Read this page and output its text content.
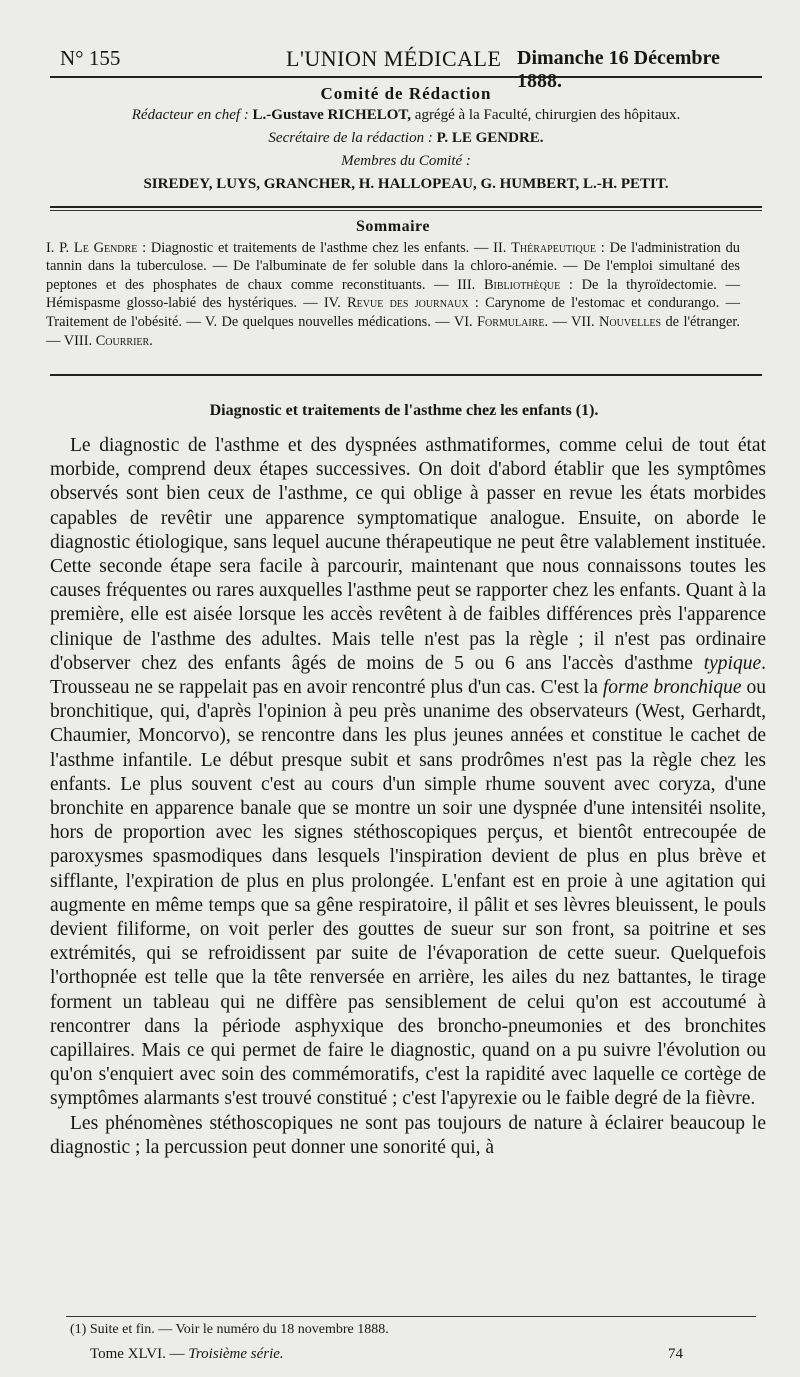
N° 155	L'UNION MÉDICALE Dimanche 16 Décembre 1888.
Comité de Rédaction
Rédacteur en chef : L.-Gustave RICHELOT, agrégé à la Faculté, chirurgien des hôpitaux.
Secrétaire de la rédaction : P. LE GENDRE.
Membres du Comité :
SIREDEY, LUYS, GRANCHER, H. HALLOPEAU, G. HUMBERT, L.-H. PETIT.
Sommaire
I. P. Le Gendre : Diagnostic et traitements de l'asthme chez les enfants. — II. Thérapeutique : De l'administration du tannin dans la tuberculose. — De l'albuminate de fer soluble dans la chloro-anémie. — De l'emploi simultané des peptones et des phosphates de chaux comme reconstituants. — III. Bibliothèque : De la thyroïdectomie. — Hémispasme glosso-labié des hystériques. — IV. Revue des journaux : Carynome de l'estomac et condurango. — Traitement de l'obésité. — V. De quelques nouvelles médications. — VI. Formulaire. — VII. Nouvelles de l'étranger. — VIII. Courrier.
Diagnostic et traitements de l'asthme chez les enfants (1).

Le diagnostic de l'asthme et des dyspnées asthmatiformes, comme celui de tout état morbide, comprend deux étapes successives. On doit d'abord établir que les symptômes observés sont bien ceux de l'asthme, ce qui oblige à passer en revue les états morbides capables de revêtir une apparence symptomatique analogue. Ensuite, on aborde le diagnostic étiologique, sans lequel aucune thérapeutique ne peut être valablement instituée. Cette seconde étape sera facile à parcourir, maintenant que nous connaissons toutes les causes fréquentes ou rares auxquelles l'asthme peut se rapporter chez les enfants. Quant à la première, elle est aisée lorsque les accès revêtent à de faibles différences près l'apparence clinique de l'asthme des adultes. Mais telle n'est pas la règle ; il n'est pas ordinaire d'observer chez des enfants âgés de moins de 5 ou 6 ans l'accès d'asthme typique. Trousseau ne se rappelait pas en avoir rencontré plus d'un cas. C'est la forme bronchique ou bronchitique, qui, d'après l'opinion à peu près unanime des observateurs (West, Gerhardt, Chaumier, Moncorvo), se rencontre dans les plus jeunes années et constitue le cachet de l'asthme infantile. Le début presque subit et sans prodrômes n'est pas la règle chez les enfants. Le plus souvent c'est au cours d'un simple rhume souvent avec coryza, d'une bronchite en apparence banale que se montre un soir une dyspnée d'une intensitéi nsolite, hors de proportion avec les signes stéthoscopiques perçus, et bientôt entrecoupée de paroxysmes spasmodiques dans lesquels l'inspiration devient de plus en plus brève et sifflante, l'expiration de plus en plus prolongée. L'enfant est en proie à une agitation qui augmente en même temps que sa gêne respiratoire, il pâlit et ses lèvres bleuissent, le pouls devient filiforme, on voit perler des gouttes de sueur sur son front, sa poitrine et ses extrémités, qui se refroidissent par suite de l'évaporation de cette sueur. Quelquefois l'orthopnée est telle que la tête renversée en arrière, les ailes du nez battantes, le tirage forment un tableau qui ne diffère pas sensiblement de celui qu'on est accoutumé à rencontrer dans la période asphyxique des broncho-pneumonies et des bronchites capillaires. Mais ce qui permet de faire le diagnostic, quand on a pu suivre l'évolution ou qu'on s'enquiert avec soin des commémoratifs, c'est la rapidité avec laquelle ce cortège de symptômes alarmants s'est trouvé constitué ; c'est l'apyrexie ou le faible degré de la fièvre.

Les phénomènes stéthoscopiques ne sont pas toujours de nature à éclairer beaucoup le diagnostic ; la percussion peut donner une sonorité qui, à

(1) Suite et fin. — Voir le numéro du 18 novembre 1888.
Tome XLVI. — Troisième série.	74
